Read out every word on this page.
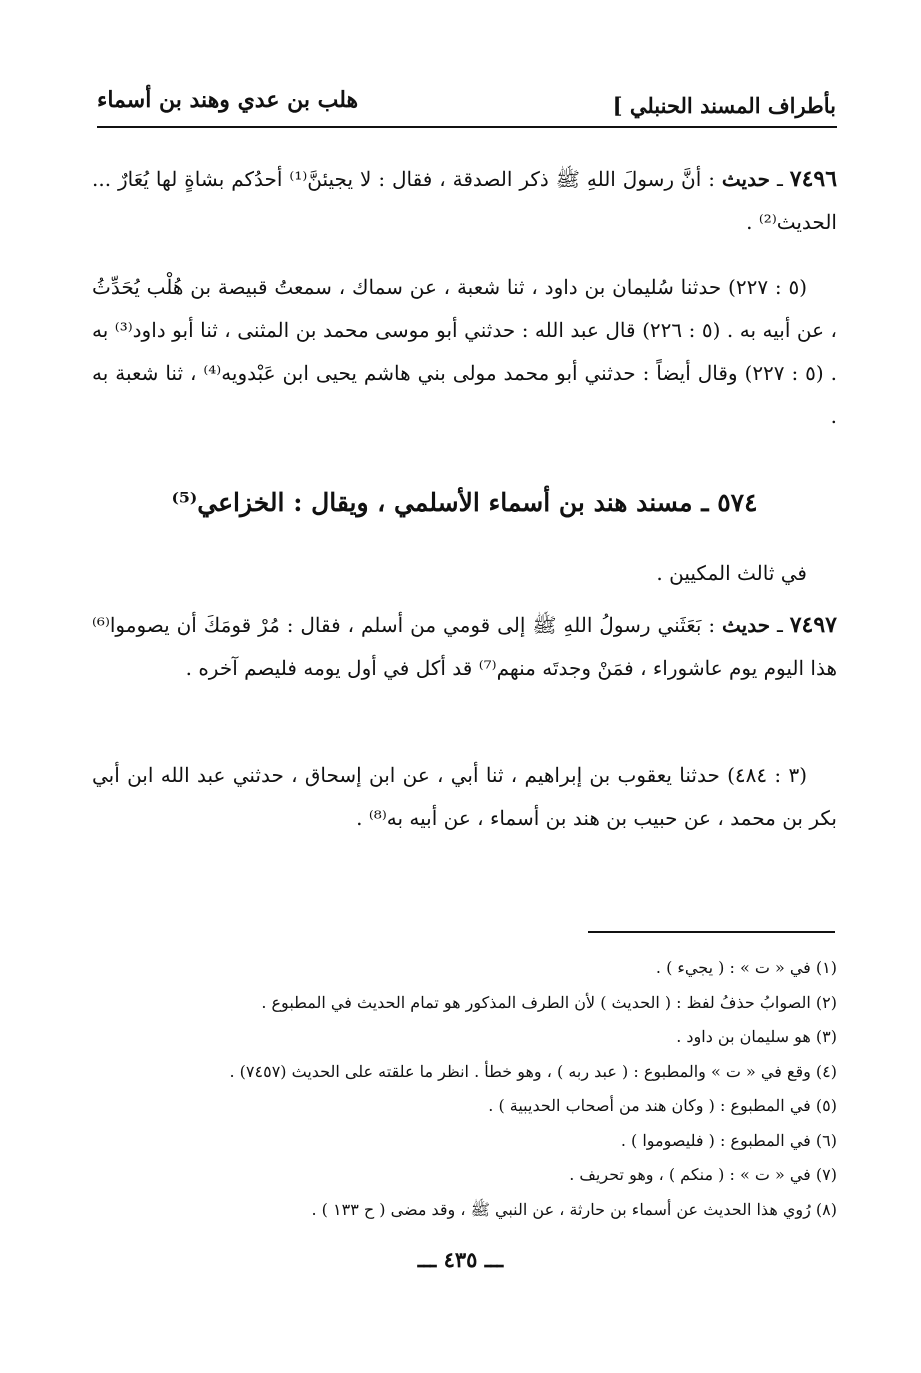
بأطراف المسند الحنبلي ]
هلب بن عدي وهند بن أسماء
٧٤٩٦ ـ حديث : أنَّ رسولَ اللهِ ﷺ ذكر الصدقة ، فقال : لا يجيئنَّ⁽¹⁾ أحدُكم بشاةٍ لها يُعَارٌ ... الحديث⁽²⁾ .
(٥ : ٢٢٧) حدثنا سُليمان بن داود ، ثنا شعبة ، عن سماك ، سمعتُ قبيصة بن هُلْب يُحَدِّثُ ، عن أبيه به . (٥ : ٢٢٦) قال عبد الله : حدثني أبو موسى محمد بن المثنى ، ثنا أبو داود⁽³⁾ به . (٥ : ٢٢٧) وقال أيضاً : حدثني أبو محمد مولى بني هاشم يحيى ابن عَبْدويه⁽⁴⁾ ، ثنا شعبة به .
٥٧٤ ـ مسند هند بن أسماء الأسلمي ، ويقال : الخزاعي⁽⁵⁾
في ثالث المكيين .
٧٤٩٧ ـ حديث : بَعَثَني رسولُ اللهِ ﷺ إلى قومي من أسلم ، فقال : مُرْ قومَكَ أن يصوموا⁽⁶⁾ هذا اليوم يوم عاشوراء ، فمَنْ وجدتَه منهم⁽⁷⁾ قد أكل في أول يومه فليصم آخره .
(٣ : ٤٨٤) حدثنا يعقوب بن إبراهيم ، ثنا أبي ، عن ابن إسحاق ، حدثني عبد الله ابن أبي بكر بن محمد ، عن حبيب بن هند بن أسماء ، عن أبيه به⁽⁸⁾ .
(١) في « ت » : ( يجيء ) .
(٢) الصوابُ حذفُ لفظ : ( الحديث ) لأن الطرف المذكور هو تمام الحديث في المطبوع .
(٣) هو سليمان بن داود .
(٤) وقع في « ت » والمطبوع : ( عبد ربه ) ، وهو خطأ . انظر ما علقته على الحديث (٧٤٥٧) .
(٥) في المطبوع : ( وكان هند من أصحاب الحديبية ) .
(٦) في المطبوع : ( فليصوموا ) .
(٧) في « ت » : ( منكم ) ، وهو تحريف .
(٨) رُوي هذا الحديث عن أسماء بن حارثة ، عن النبي ﷺ ، وقد مضى ( ح ١٣٣ ) .
ـــ ٤٣٥ ـــ
